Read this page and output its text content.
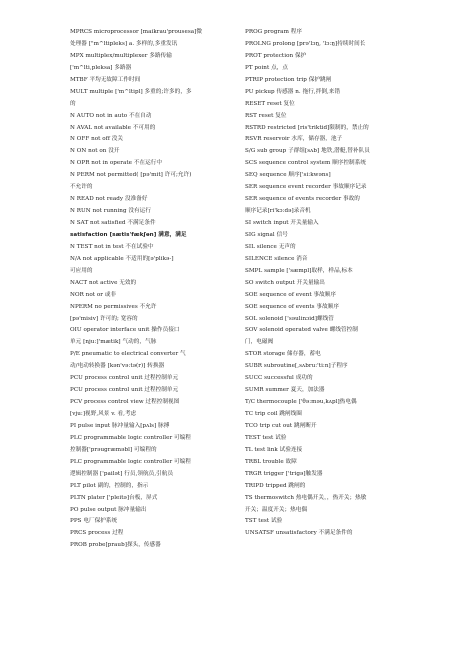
MPRCS microprocessor [maikrau'prousesa]微
处理器 ["m^ltipleks] a. 多样的,多重发讯
MPX multiplex/multiplexer 多路传输
['m^lti,pleksa] 多路器
MTBF 平均无故障工作时间
MULT multiple ['m^ltipl] 多重的;许多的，多
的
N AUTO not in auto 不在自动
N AVAL not available 不可用的
N OFF not off 没关
N ON not on 没开
N OPR not in operate 不在运行中
N PERM not permitted( [pə'mit] 许可;允许)
不允许的
N READ not ready 没准备好
N RUN not running 没有运行
N SAT not satisfied 不满足条件
satisfaction [sætis'fækʃən] 满意，满足
N TEST not in test 不在试验中
N/A not applicable 不适用的[ə'plikə-]
可应用的
NACT not active 无效的
NOR not or 或非
NPERM no permissives 不允许
[pə'misiv] 许可的; 宽容的
OIU operator interface unit 操作员接口
单元 [nju:]'mætik] 气动的，气脉
P/E pneumatic to electrical converter 气
动/电动转换器 [kən'və:tə(r)] 转换器
PCU process control unit 过程控制单元
PCU process control unit 过程控制单元
PCV process control view 过程控制视图
[vju:]视野,风景 v. 看,考虑
PI pulse input 脉冲量输入[pʌls] 脉搏
PLC programmable logic controller 可编程
控制器['prəugræməbl] 可编程的
PLC programmable logic controller 可编程
逻辑控制器 ['pailət] 行员,领航员,引航员
PLT pilot 副的，控制的，指示
PLTN plater ['pleitə]台板，屏式
PO pulse output 脉冲量输出
PPS 电厂保护系统
PRCS process 过程
PROB probe[praub]探头，传感器
PROG program 程序
PROLNG prolong [prə'lɔŋ, 'lɔ:ŋ]持续时间长
PROT protection 保护
PT point 点，点
PTRIP protection trip 保护跳闸
PU pickup 传感器 n. 拖行,拌倒,来错
RESET reset 复位
RST reset 复位
RSTRD restricted [ris'triktid]限制的，禁止的
RSVR reservoir 水库，储存器，池子
S/G sub group 子群组[sʌb] 地铁,潜艇,替补队员
SCS sequence control system 顺序控制系统
SEQ sequence 顺序['si:kwəns]
SER sequence event recorder 事故顺序记录
SER sequence of events recorder 事故的
顺序记录[ri'kɔ:də]录音机
SI switch input 开关量输入
SIG signal 信号
SIL silence 无声的
SILENCE silence 消音
SMPL sample ['sæmpl]取样，样品,标本
SO switch output 开关量输出
SOE sequence of event 事故顺序
SOE sequence of events 事故顺序
SOL solenoid ['səulinɔid]螺线管
SOV solenoid operated valve 螺线管控制
门，电磁阀
STOR storage 储存器，蓄电
SUBR subroutine[,sʌbru:'ti:n]子程序
SUCC successful 成功的
SUMR summer 夏天，加法器
T/C thermocouple ['θə:məu,kʌpl]热电偶
TC trip coil 跳闸线圈
TCO trip cut out 跳闸断开
TEST test 试验
TL test link 试验连接
TRBL trouble 故障
TRGR trigger ['trigə]触发器
TRIPD tripped 跳闸的
TS thermoswitch 热电偶开关，，热开关；热敏
开关；温度开关；热电偶
TST test 试验
UNSATSF unsatisfactory 不满足条件的
